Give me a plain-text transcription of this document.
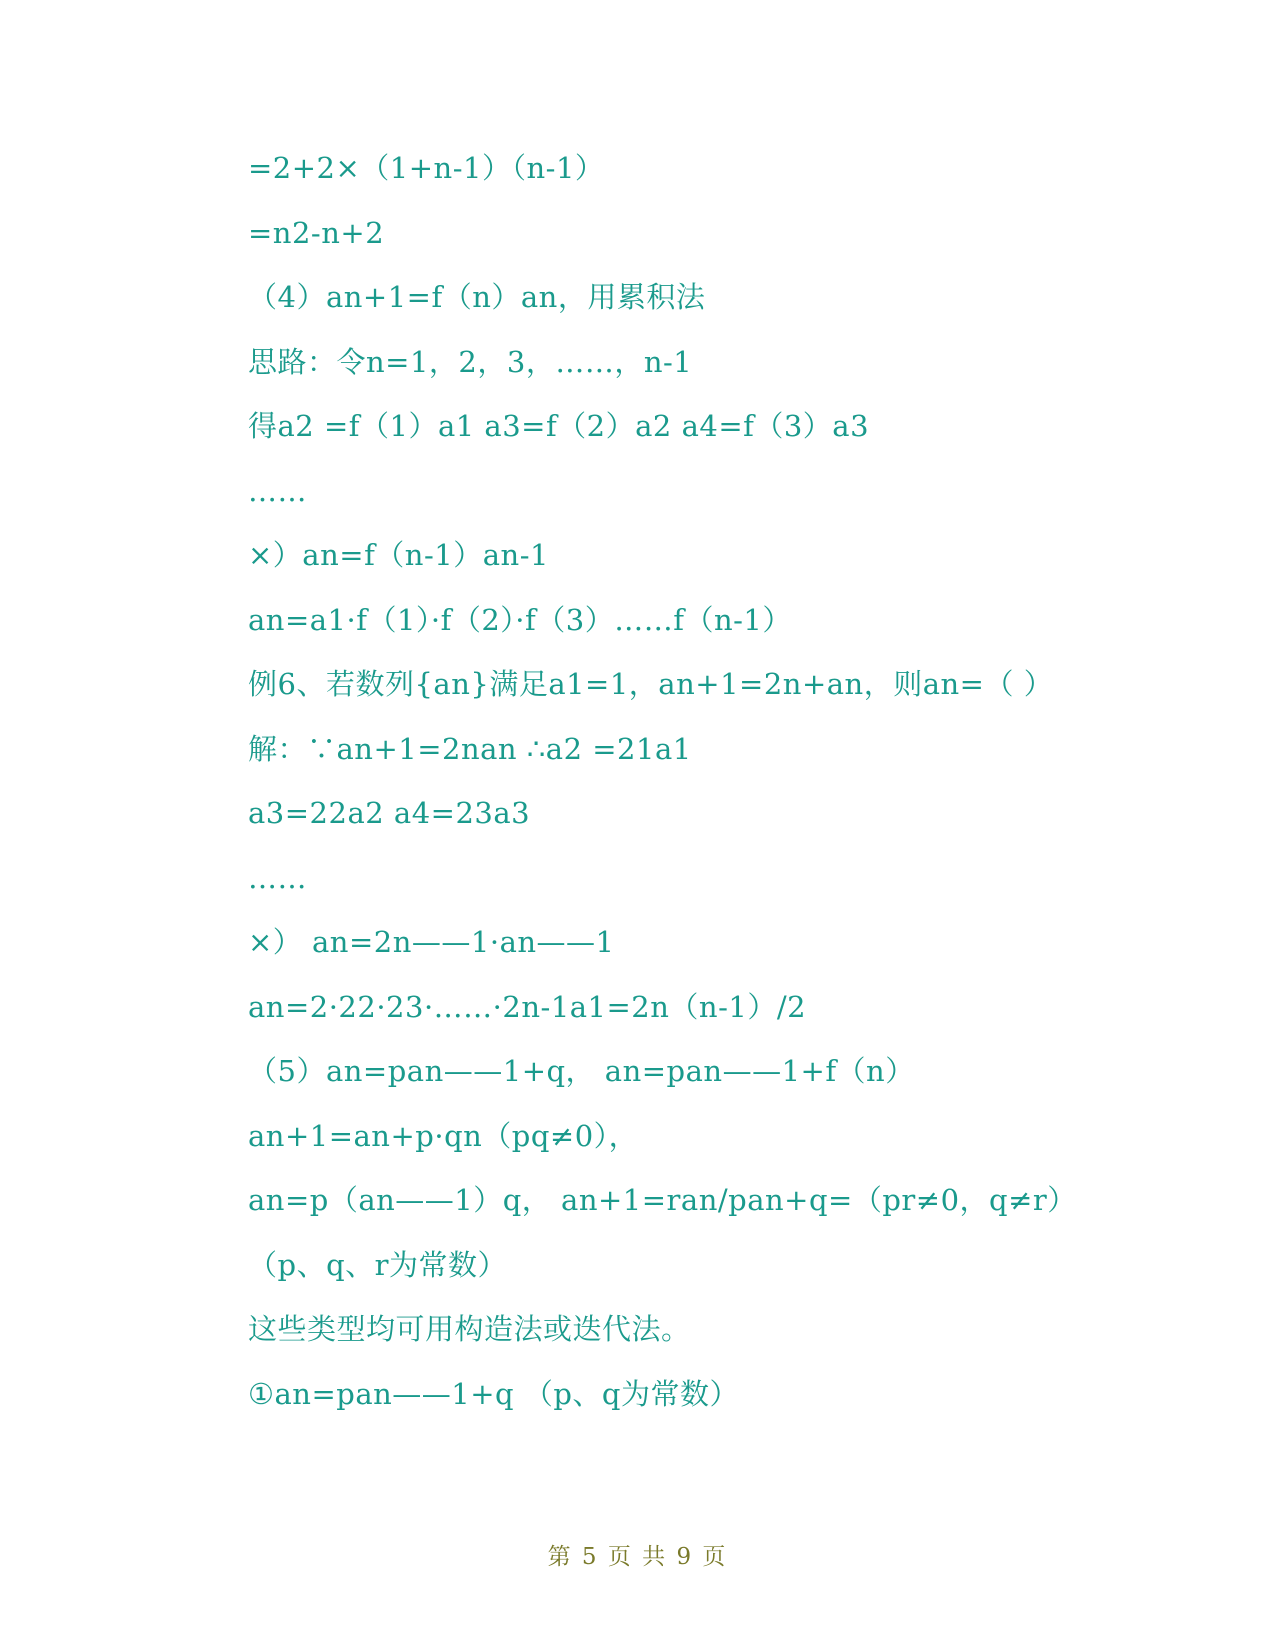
=2+2×（1+n-1）（n-1）
=n2-n+2
（4）an+1=f（n）an，用累积法
思路：令n=1，2，3，……，n-1
得a2 =f（1）a1 a3=f（2）a2 a4=f（3）a3
……
×）an=f（n-1）an-1
an=a1·f（1）·f（2）·f（3）……f（n-1）
例6、若数列{an}满足a1=1，an+1=2n+an，则an=（ ）
解：∵an+1=2nan ∴a2 =21a1
a3=22a2 a4=23a3
……
×） an=2n——1·an——1
an=2·22·23·……·2n-1a1=2n（n-1）/2
（5）an=pan——1+q， an=pan——1+f（n）
an+1=an+p·qn（pq≠0），
an=p（an——1）q， an+1=ran/pan+q=（pr≠0，q≠r）
（p、q、r为常数）
这些类型均可用构造法或迭代法。
①an=pan——1+q （p、q为常数）
第 5 页 共 9 页
